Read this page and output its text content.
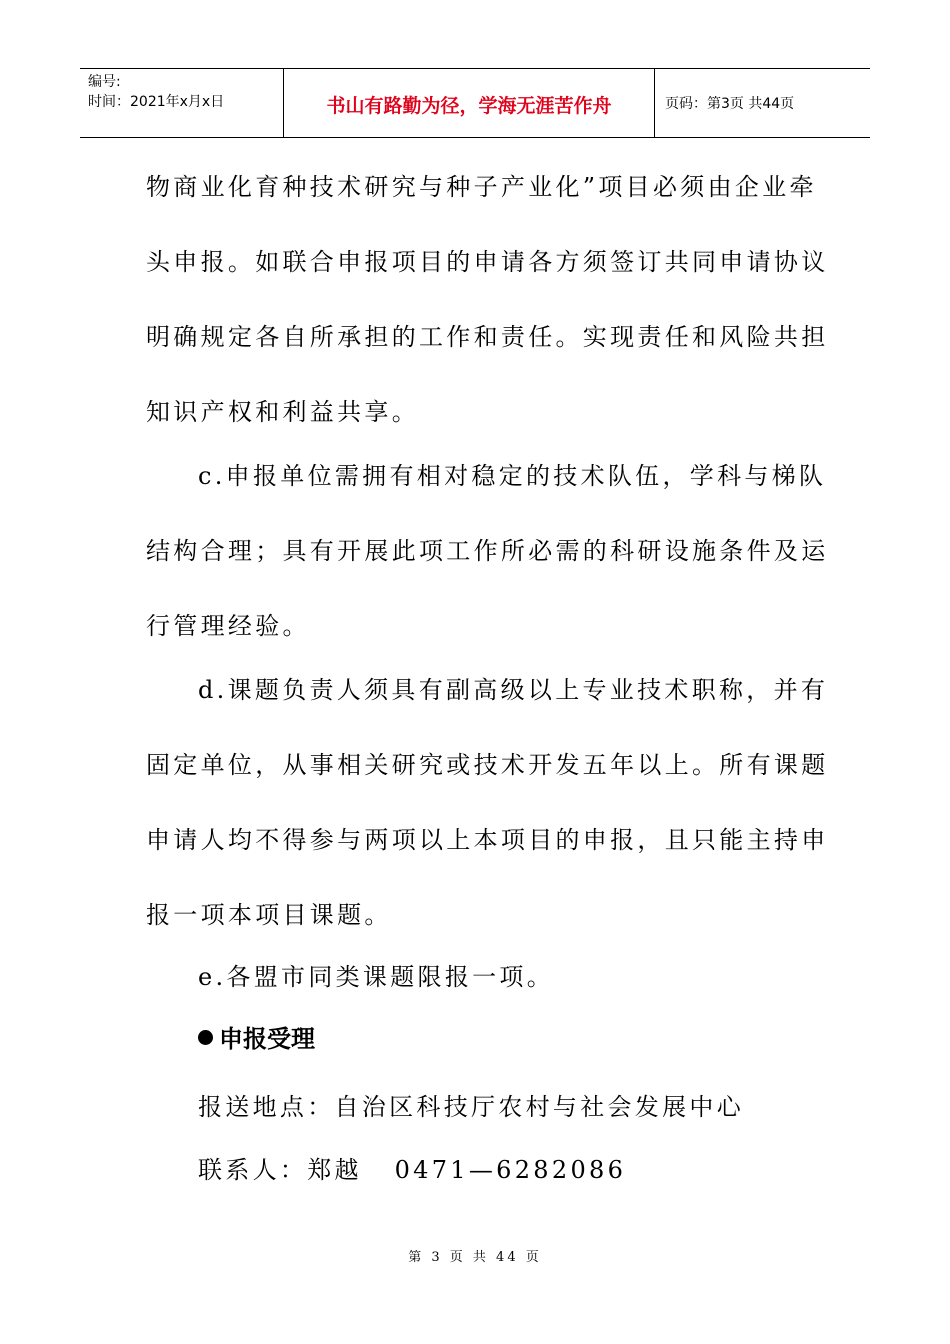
编号:
时间：2021年x月x日	书山有路勤为径，学海无涯苦作舟	页码：第3页 共44页
物商业化育种技术研究与种子产业化”项目必须由企业牵
头申报。如联合申报项目的申请各方须签订共同申请协议
明确规定各自所承担的工作和责任。实现责任和风险共担
知识产权和利益共享。
c.申报单位需拥有相对稳定的技术队伍，学科与梯队
结构合理；具有开展此项工作所必需的科研设施条件及运
行管理经验。
d.课题负责人须具有副高级以上专业技术职称，并有
固定单位，从事相关研究或技术开发五年以上。所有课题
申请人均不得参与两项以上本项目的申报，且只能主持申
报一项本项目课题。
e.各盟市同类课题限报一项。
申报受理
报送地点：自治区科技厅农村与社会发展中心
联系人：郑越   0471—6282086
第 3 页 共 44 页
